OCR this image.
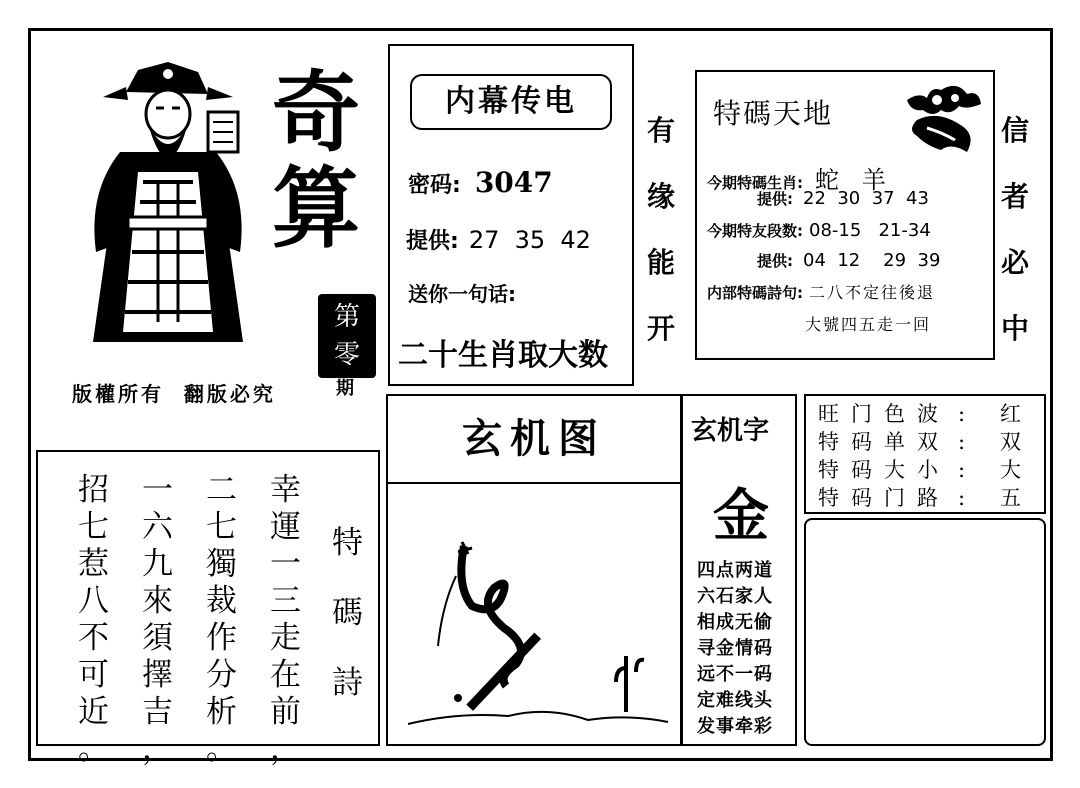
奇
算
第
零
期
版權所有  翻版必究
内幕传电
密码: 3047
提供: 27  35  42
送你一句话:
二十生肖取大数
有
缘
能
开
信
者
必
中
特碼天地
今期特碼生肖: 蛇   羊
提供: 22  30  37  43
今期特友段数: 08-15   21-34
提供: 04  12    29  39
内部特碼詩句: 二八不定往後退
大號四五走一回
招
七
惹
八
不
可
近
。
一
六
九
來
須
擇
吉
，
二
七
獨
裁
作
分
析
。
幸
運
一
三
走
在
前
，
特
碼
詩
玄机图	玄机字
金
四点两道
六石家人
相成无偷
寻金情码
远不一码
定难线头
发事牵彩
旺门色波 :	红
特码单双 :	双
特码大小 :	大
特码门路 :	五
